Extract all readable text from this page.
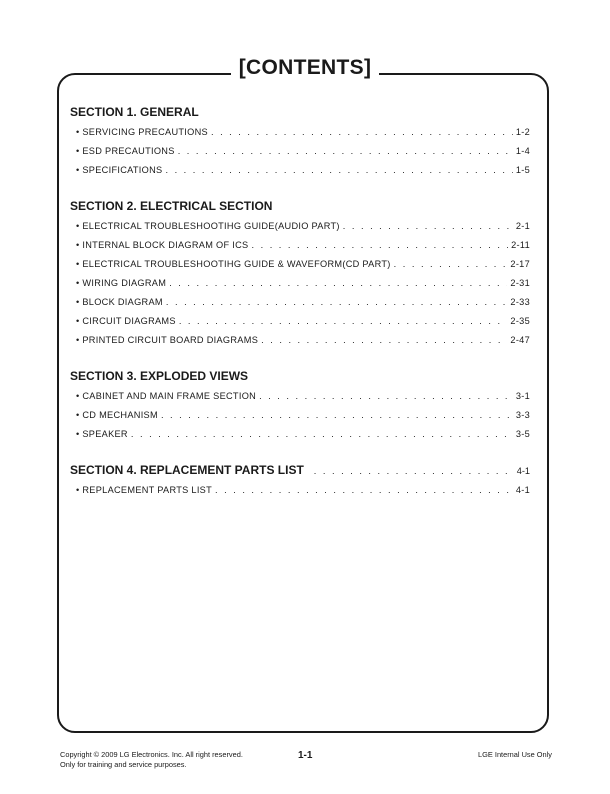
[CONTENTS]
SECTION 1. GENERAL
• SERVICING PRECAUTIONS . . .	1-2
• ESD PRECAUTIONS . . .	1-4
• SPECIFICATIONS . . .	1-5
SECTION 2. ELECTRICAL SECTION
• ELECTRICAL TROUBLESHOOTIHG GUIDE(AUDIO PART) . . .	2-1
• INTERNAL BLOCK DIAGRAM OF ICS . . .	2-11
• ELECTRICAL TROUBLESHOOTIHG GUIDE & WAVEFORM(CD PART) . . .	2-17
• WIRING DIAGRAM . . .	2-31
• BLOCK DIAGRAM . . .	2-33
• CIRCUIT DIAGRAMS . . .	2-35
• PRINTED CIRCUIT BOARD DIAGRAMS . . .	2-47
SECTION 3. EXPLODED VIEWS
• CABINET AND MAIN FRAME SECTION . . .	3-1
• CD MECHANISM . . .	3-3
• SPEAKER . . .	3-5
SECTION 4. REPLACEMENT PARTS LIST . . .	4-1
• REPLACEMENT PARTS LIST . . .	4-1
Copyright © 2009 LG Electronics. Inc. All right reserved.
Only for training and service purposes.
1-1	LGE Internal Use Only
